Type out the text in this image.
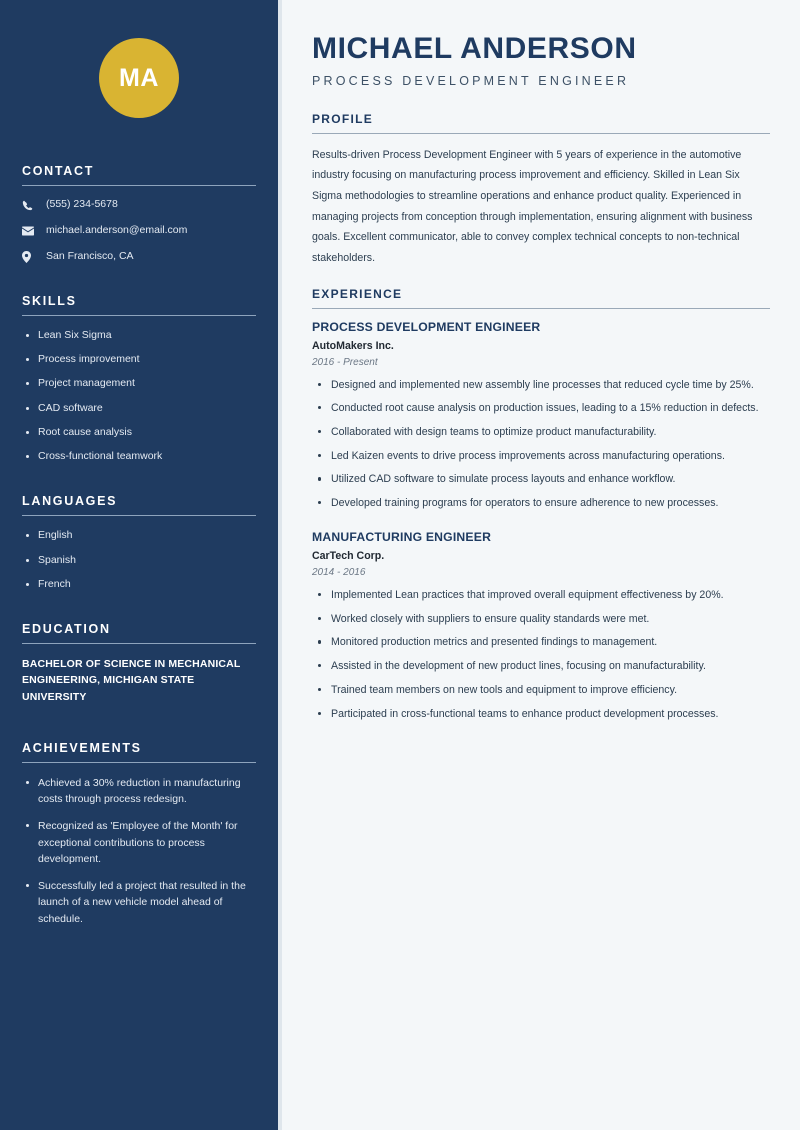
MA
CONTACT
(555) 234-5678
michael.anderson@email.com
San Francisco, CA
SKILLS
Lean Six Sigma
Process improvement
Project management
CAD software
Root cause analysis
Cross-functional teamwork
LANGUAGES
English
Spanish
French
EDUCATION
BACHELOR OF SCIENCE IN MECHANICAL ENGINEERING, MICHIGAN STATE UNIVERSITY
ACHIEVEMENTS
Achieved a 30% reduction in manufacturing costs through process redesign.
Recognized as 'Employee of the Month' for exceptional contributions to process development.
Successfully led a project that resulted in the launch of a new vehicle model ahead of schedule.
MICHAEL ANDERSON
PROCESS DEVELOPMENT ENGINEER
PROFILE

Results-driven Process Development Engineer with 5 years of experience in the automotive industry focusing on manufacturing process improvement and efficiency. Skilled in Lean Six Sigma methodologies to streamline operations and enhance product quality. Experienced in managing projects from conception through implementation, ensuring alignment with business goals. Excellent communicator, able to convey complex technical concepts to non-technical stakeholders.

EXPERIENCE
PROCESS DEVELOPMENT ENGINEER
AutoMakers Inc.
2016 - Present
Designed and implemented new assembly line processes that reduced cycle time by 25%.
Conducted root cause analysis on production issues, leading to a 15% reduction in defects.
Collaborated with design teams to optimize product manufacturability.
Led Kaizen events to drive process improvements across manufacturing operations.
Utilized CAD software to simulate process layouts and enhance workflow.
Developed training programs for operators to ensure adherence to new processes.
MANUFACTURING ENGINEER
CarTech Corp.
2014 - 2016
Implemented Lean practices that improved overall equipment effectiveness by 20%.
Worked closely with suppliers to ensure quality standards were met.
Monitored production metrics and presented findings to management.
Assisted in the development of new product lines, focusing on manufacturability.
Trained team members on new tools and equipment to improve efficiency.
Participated in cross-functional teams to enhance product development processes.
